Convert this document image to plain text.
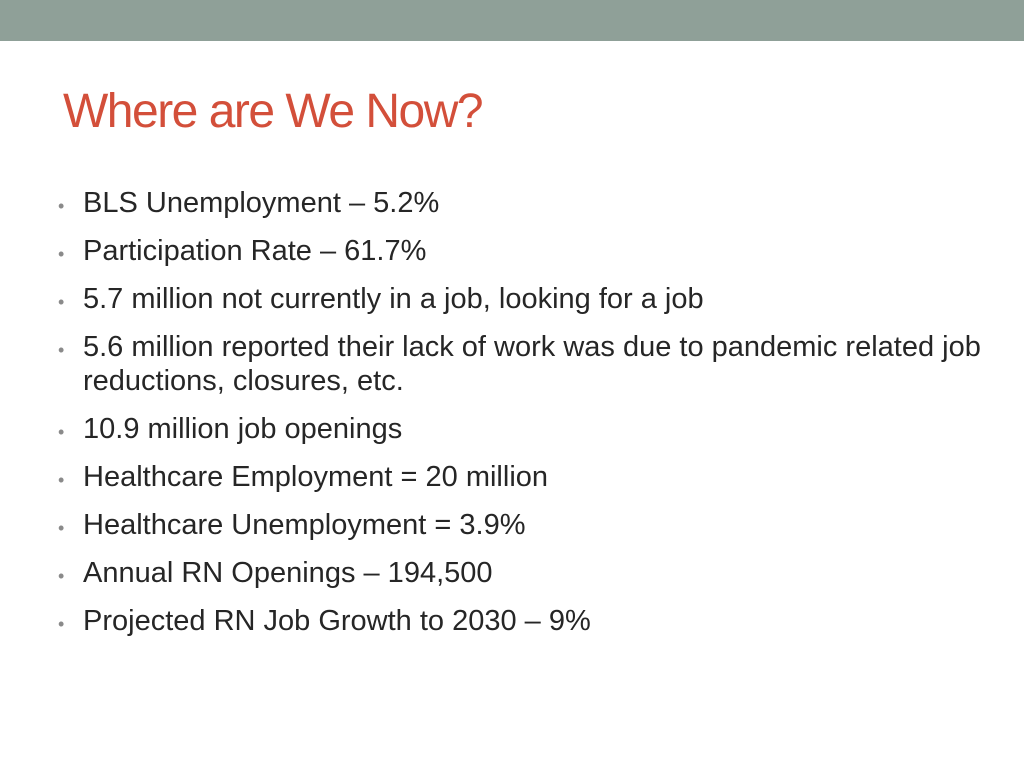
Where are We Now?
• BLS Unemployment – 5.2%
• Participation Rate – 61.7%
• 5.7 million not currently in a job, looking for a job
• 5.6 million reported their lack of work was due to pandemic related job reductions, closures, etc.
• 10.9 million job openings
• Healthcare Employment = 20 million
• Healthcare Unemployment = 3.9%
• Annual RN Openings – 194,500
• Projected RN Job Growth to 2030 – 9%
